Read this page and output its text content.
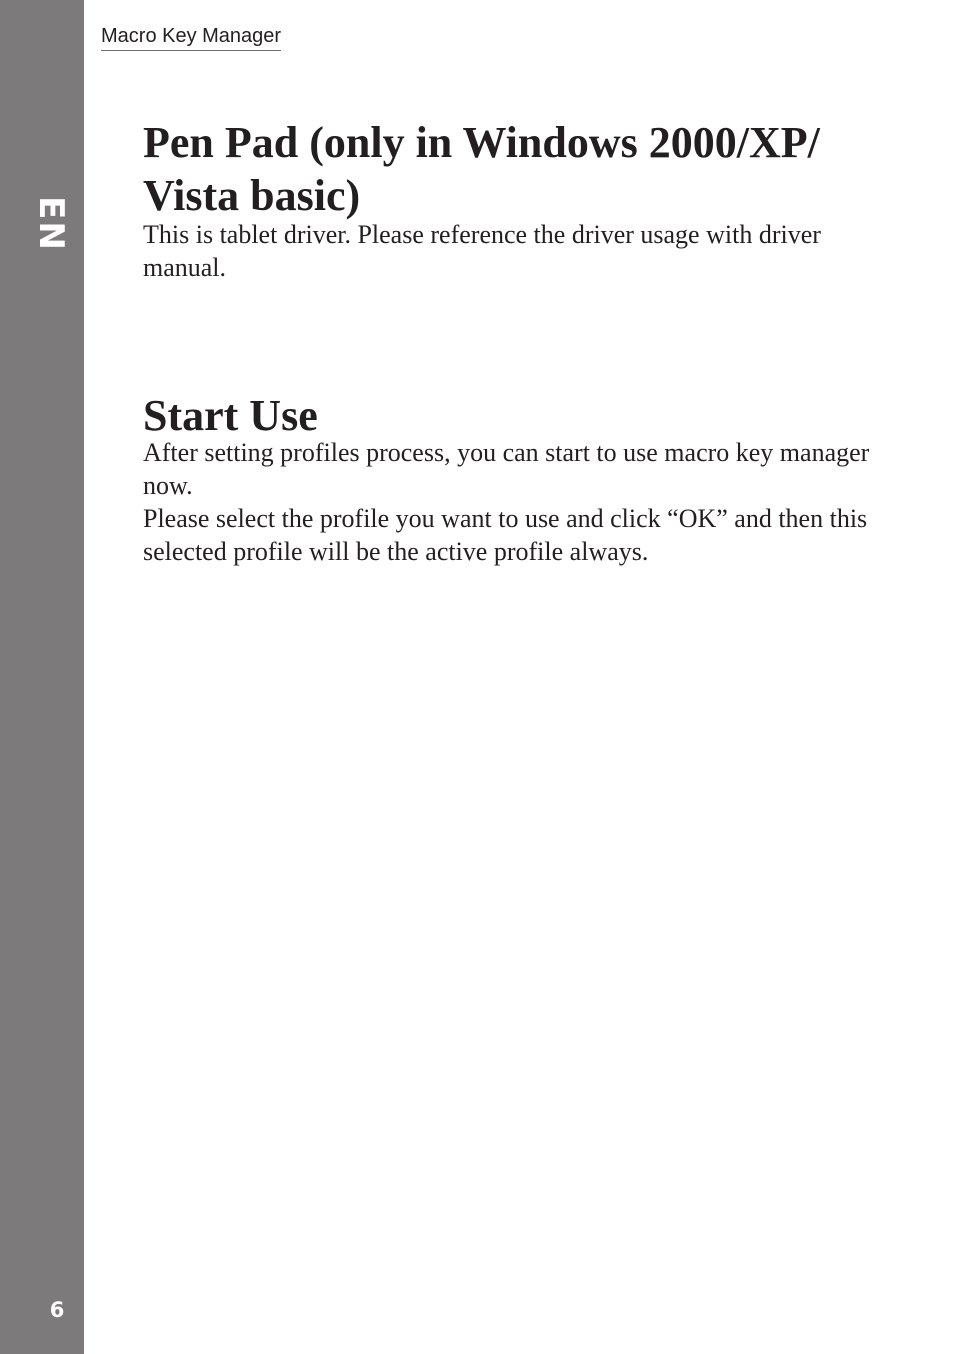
EN
6
Macro Key Manager
Pen Pad (only in Windows 2000/XP/ Vista basic)

This is tablet driver. Please reference the driver usage with driver manual.

Start Use

After setting profiles process, you can start to use macro key manager now.

Please select the profile you want to use and click “OK” and then this selected profile will be the active profile always.
